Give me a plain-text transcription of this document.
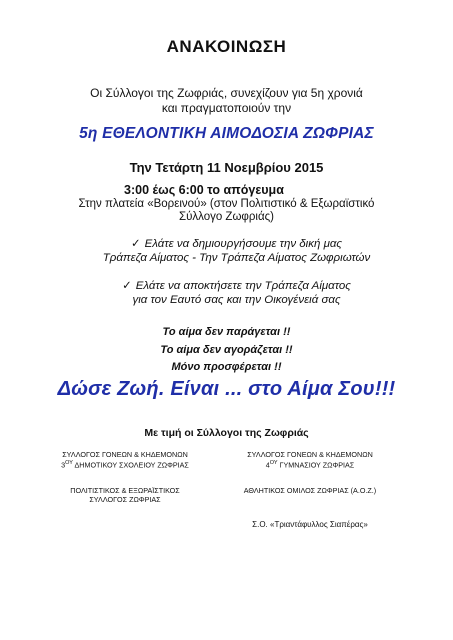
ΑΝΑΚΟΙΝΩΣΗ
Οι Σύλλογοι της Ζωφριάς, συνεχίζουν για 5η χρονιά
και πραγματοποιούν την
5η ΕΘΕΛΟΝΤΙΚΗ ΑΙΜΟΔΟΣΙΑ ΖΩΦΡΙΑΣ
Την Τετάρτη 11 Νοεμβρίου 2015
3:00 έως 6:00 το απόγευμα
Στην πλατεία «Βορεινού» (στον Πολιτιστικό & Εξωραϊστικό
Σύλλογο Ζωφριάς)
✓ Ελάτε να δημιουργήσουμε την δική μας
Τράπεζα Αίματος - Την Τράπεζα Αίματος Ζωφριωτών
✓ Ελάτε να αποκτήσετε την Τράπεζα Αίματος
για τον Εαυτό σας και την Οικογένειά σας
Το αίμα δεν παράγεται !!
Το αίμα δεν αγοράζεται !!
Μόνο προσφέρεται !!
Δώσε Ζωή. Είναι ... στο Αίμα Σου!!!
Με τιμή οι Σύλλογοι της Ζωφριάς
ΣΥΛΛΟΓΟΣ ΓΟΝΕΩΝ & ΚΗΔΕΜΟΝΩΝ
$3^{O\Upsilon}$ ΔΗΜΟΤΙΚΟΥ ΣΧΟΛΕΙΟΥ ΖΩΦΡΙΑΣ
ΣΥΛΛΟΓΟΣ ΓΟΝΕΩΝ & ΚΗΔΕΜΟΝΩΝ
$4^{O\Upsilon}$ ΓΥΜΝΑΣΙΟΥ ΖΩΦΡΙΑΣ
ΠΟΛΙΤΙΣΤΙΚΟΣ & ΕΞΩΡΑΪΣΤΙΚΟΣ
ΣΥΛΛΟΓΟΣ ΖΩΦΡΙΑΣ
ΑΘΛΗΤΙΚΟΣ ΟΜΙΛΟΣ ΖΩΦΡΙΑΣ (Α.Ο.Ζ.)
Σ.Ο. «Τριαντάφυλλος Σιαπέρας»
